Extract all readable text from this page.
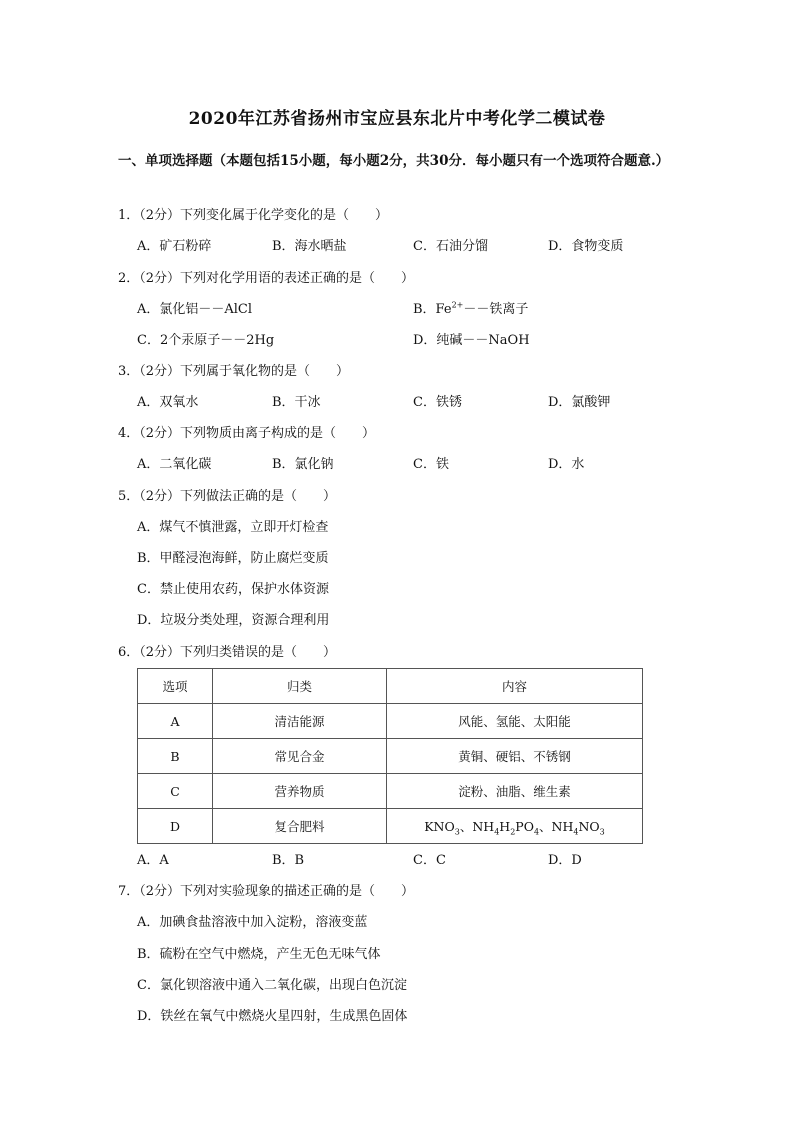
2020年江苏省扬州市宝应县东北片中考化学二模试卷
一、单项选择题（本题包括15小题，每小题2分，共30分．每小题只有一个选项符合题意.）
1．（2分）下列变化属于化学变化的是（　　）
A．矿石粉碎	B．海水晒盐	C．石油分馏	D．食物变质
2．（2分）下列对化学用语的表述正确的是（　　）
A．氯化铝－－AlCl	B．$Fe^{2+}--$铁离子
C．2个汞原子－－2Hg	D．纯碱－－NaOH
3．（2分）下列属于氧化物的是（　　）
A．双氧水	B．干冰	C．铁锈	D．氯酸钾
4．（2分）下列物质由离子构成的是（　　）
A．二氧化碳	B．氯化钠	C．铁	D．水
5．（2分）下列做法正确的是（　　）
A．煤气不慎泄露，立即开灯检查
B．甲醛浸泡海鲜，防止腐烂变质
C．禁止使用农药，保护水体资源
D．垃圾分类处理，资源合理利用
6．（2分）下列归类错误的是（　　）
选项	归类	内容
A	清洁能源	风能、氢能、太阳能
B	常见合金	黄铜、硬铝、不锈钢
C	营养物质	淀粉、油脂、维生素
D	复合肥料	$KNO_3$、$NH_4H_2PO_4$、$NH_4NO_3$
A．A	B．B	C．C	D．D
7．（2分）下列对实验现象的描述正确的是（　　）
A．加碘食盐溶液中加入淀粉，溶液变蓝
B．硫粉在空气中燃烧，产生无色无味气体
C．氯化钡溶液中通入二氧化碳，出现白色沉淀
D．铁丝在氧气中燃烧火星四射，生成黑色固体
